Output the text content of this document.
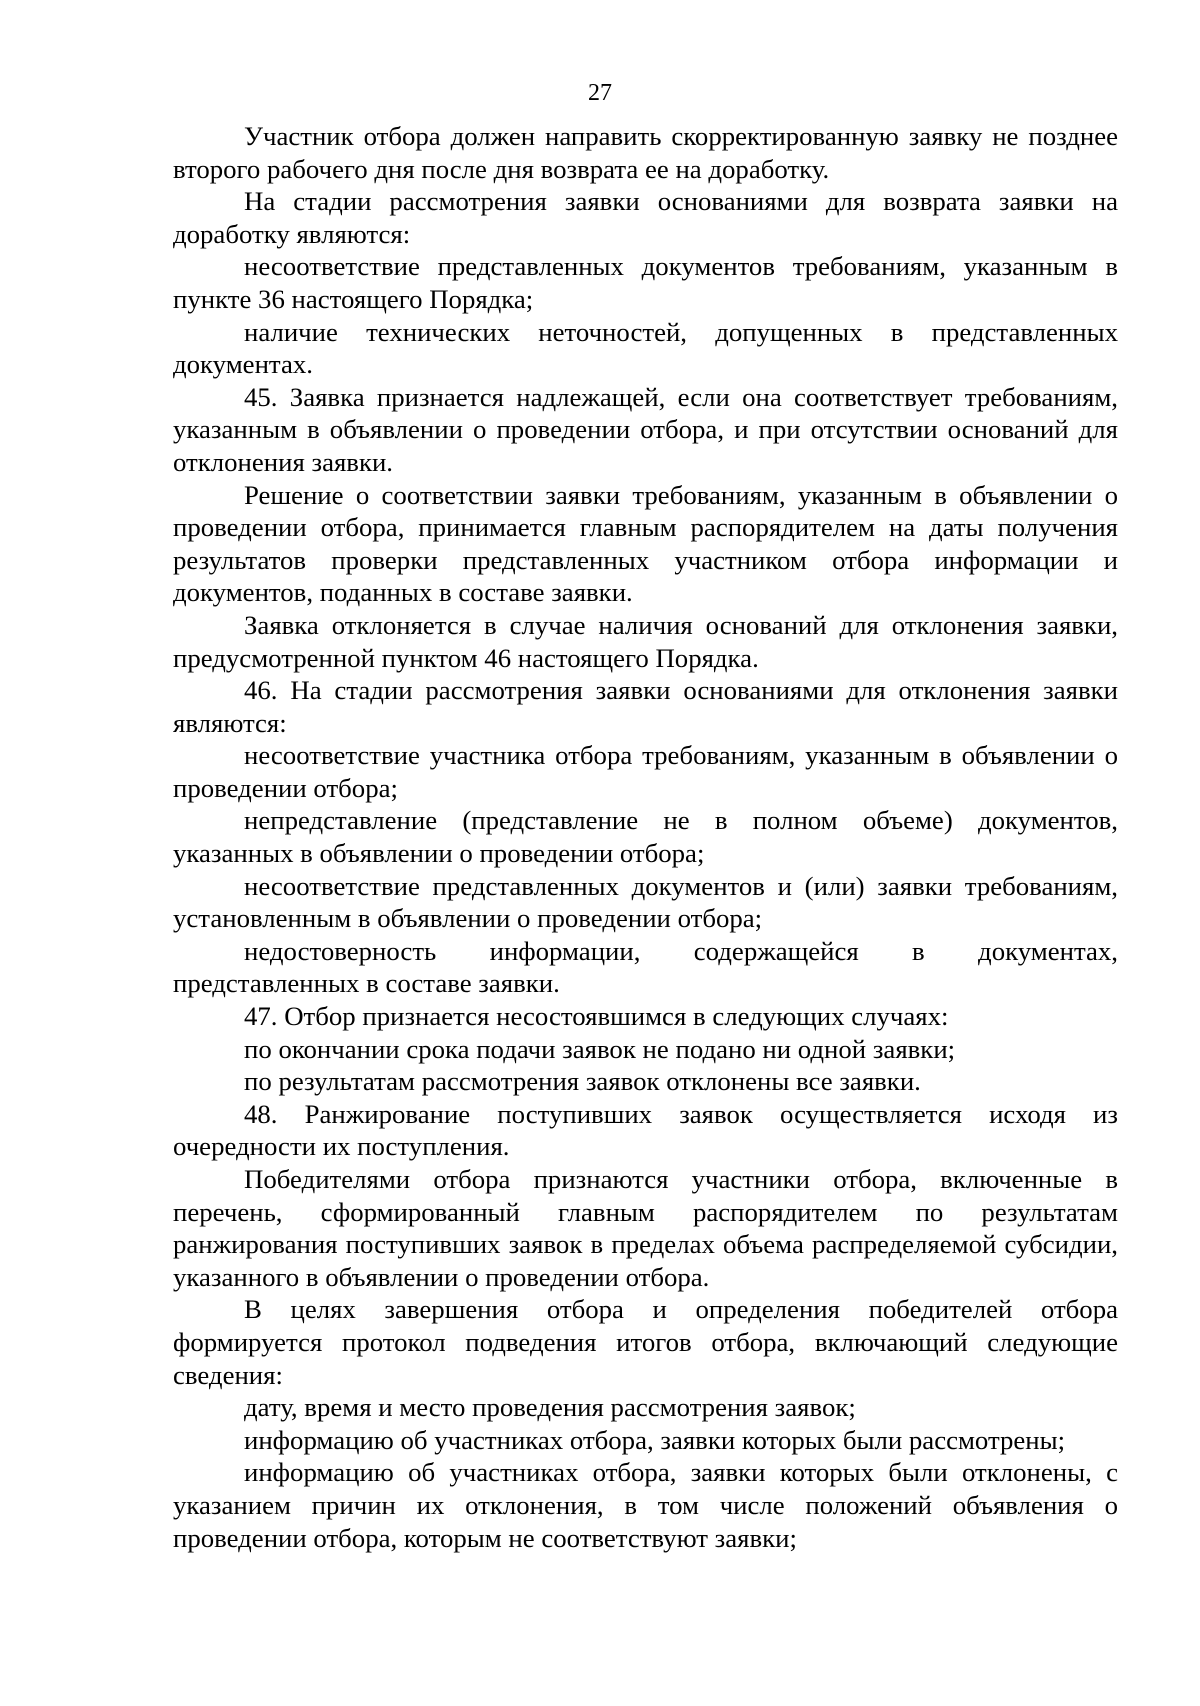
27

Участник отбора должен направить скорректированную заявку не позднее второго рабочего дня после дня возврата ее на доработку.

На стадии рассмотрения заявки основаниями для возврата заявки на доработку являются:

несоответствие представленных документов требованиям, указанным в пункте 36 настоящего Порядка;

наличие технических неточностей, допущенных в представленных документах.

45. Заявка признается надлежащей, если она соответствует требованиям, указанным в объявлении о проведении отбора, и при отсутствии оснований для отклонения заявки.

Решение о соответствии заявки требованиям, указанным в объявлении о проведении отбора, принимается главным распорядителем на даты получения результатов проверки представленных участником отбора информации и документов, поданных в составе заявки.

Заявка отклоняется в случае наличия оснований для отклонения заявки, предусмотренной пунктом 46 настоящего Порядка.

46. На стадии рассмотрения заявки основаниями для отклонения заявки являются:

несоответствие участника отбора требованиям, указанным в объявлении о проведении отбора;

непредставление (представление не в полном объеме) документов, указанных в объявлении о проведении отбора;

несоответствие представленных документов и (или) заявки требованиям, установленным в объявлении о проведении отбора;

недостоверность информации, содержащейся в документах, представленных в составе заявки.

47. Отбор признается несостоявшимся в следующих случаях:

по окончании срока подачи заявок не подано ни одной заявки;

по результатам рассмотрения заявок отклонены все заявки.

48. Ранжирование поступивших заявок осуществляется исходя из очередности их поступления.

Победителями отбора признаются участники отбора, включенные в перечень, сформированный главным распорядителем по результатам ранжирования поступивших заявок в пределах объема распределяемой субсидии, указанного в объявлении о проведении отбора.

В целях завершения отбора и определения победителей отбора формируется протокол подведения итогов отбора, включающий следующие сведения:

дату, время и место проведения рассмотрения заявок;

информацию об участниках отбора, заявки которых были рассмотрены;

информацию об участниках отбора, заявки которых были отклонены, с указанием причин их отклонения, в том числе положений объявления о проведении отбора, которым не соответствуют заявки;
